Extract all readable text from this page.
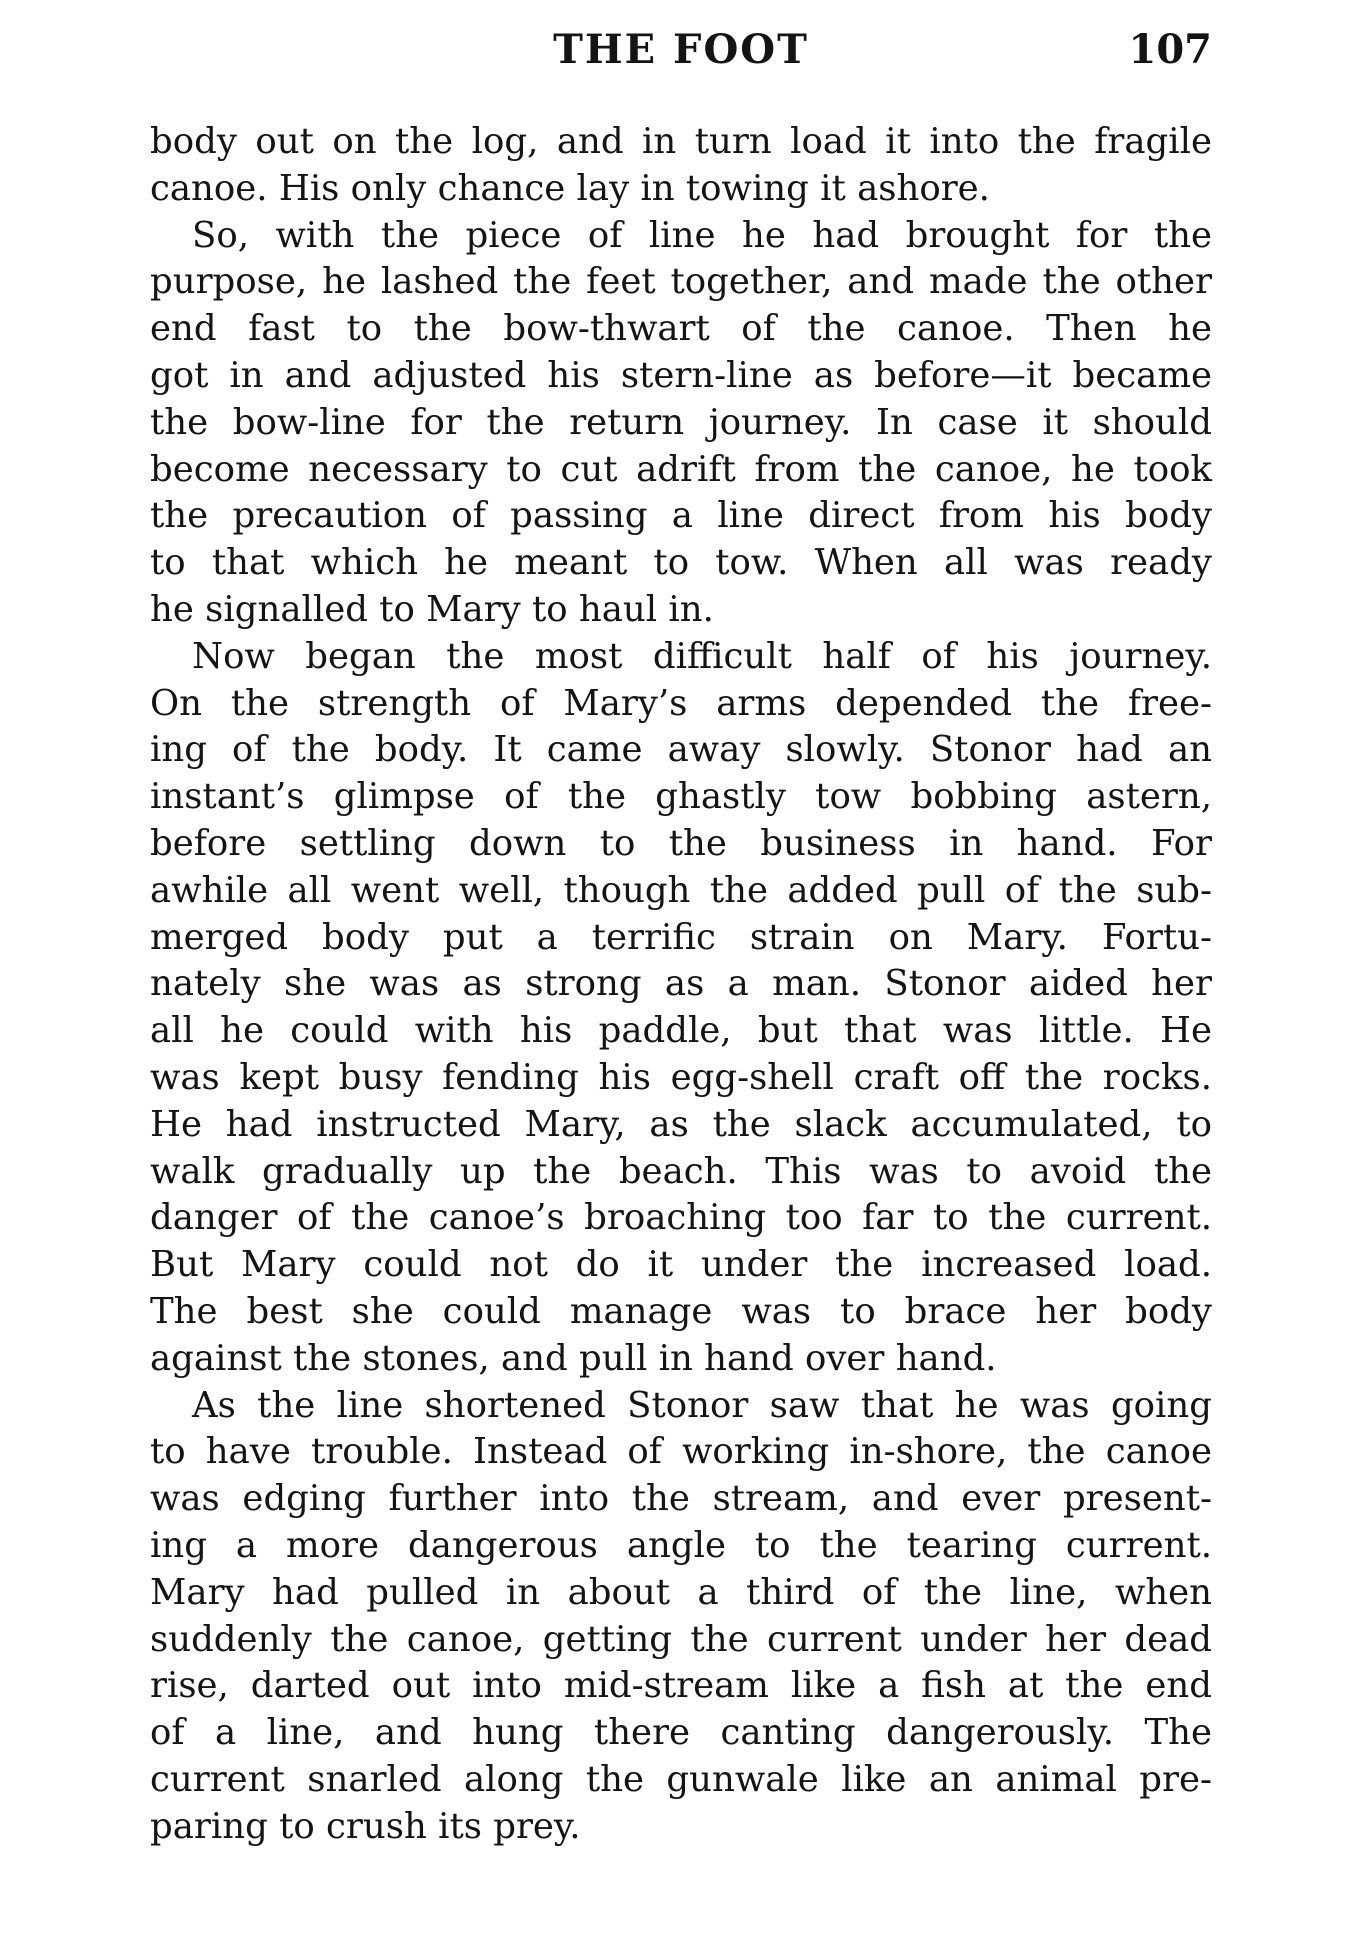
THE FOOT	107
body out on the log, and in turn load it into the fragile
canoe. His only chance lay in towing it ashore.
So, with the piece of line he had brought for the
purpose, he lashed the feet together, and made the other
end fast to the bow-thwart of the canoe. Then he
got in and adjusted his stern-line as before—it became
the bow-line for the return journey. In case it should
become necessary to cut adrift from the canoe, he took
the precaution of passing a line direct from his body
to that which he meant to tow. When all was ready
he signalled to Mary to haul in.
Now began the most difficult half of his journey.
On the strength of Mary’s arms depended the free-
ing of the body. It came away slowly. Stonor had an
instant’s glimpse of the ghastly tow bobbing astern,
before settling down to the business in hand. For
awhile all went well, though the added pull of the sub-
merged body put a terrific strain on Mary. Fortu-
nately she was as strong as a man. Stonor aided her
all he could with his paddle, but that was little. He
was kept busy fending his egg-shell craft off the rocks.
He had instructed Mary, as the slack accumulated, to
walk gradually up the beach. This was to avoid the
danger of the canoe’s broaching too far to the current.
But Mary could not do it under the increased load.
The best she could manage was to brace her body
against the stones, and pull in hand over hand.
As the line shortened Stonor saw that he was going
to have trouble. Instead of working in-shore, the canoe
was edging further into the stream, and ever present-
ing a more dangerous angle to the tearing current.
Mary had pulled in about a third of the line, when
suddenly the canoe, getting the current under her dead
rise, darted out into mid-stream like a fish at the end
of a line, and hung there canting dangerously. The
current snarled along the gunwale like an animal pre-
paring to crush its prey.
